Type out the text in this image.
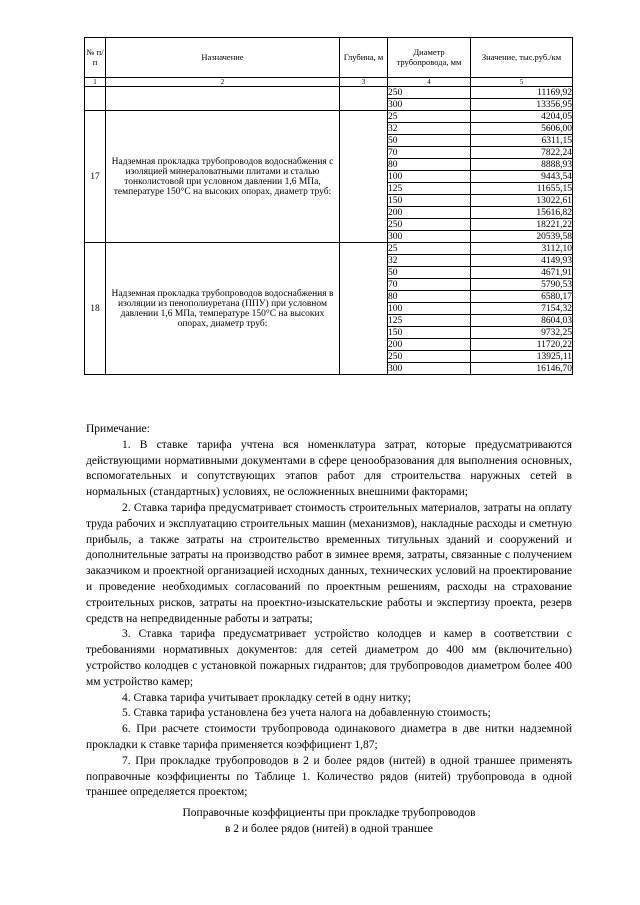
№ п/п	Назначение	Глубина, м	Диаметр трубопровода, мм	Значение, тыс.руб./км
1	2	3	4	5
			250	11169,92
			300	13356,95
17	Надземная прокладка трубопроводов водоснабжения с изоляцией минераловатными плитами и сталью тонколистовой при условном давлении 1,6 МПа, температуре 150°С на высоких опорах, диаметр труб:		25	4204,05
			32	5606,00
			50	6311,15
			70	7822,24
			80	8888,93
			100	9443,54
			125	11655,15
			150	13022,61
			200	15616,82
			250	18221,22
			300	20539,58
18	Надземная прокладка трубопроводов водоснабжения в изоляции из пенополиуретана (ППУ) при условном давлении 1,6 МПа, температуре 150°С на высоких опорах, диаметр труб:		25	3112,10
			32	4149,93
			50	4671,91
			70	5790,53
			80	6580,17
			100	7154,32
			125	8604,03
			150	9732,25
			200	11720,22
			250	13925,11
			300	16146,70

Примечание:

1. В ставке тарифа учтена вся номенклатура затрат, которые предусматриваются действующими нормативными документами в сфере ценообразования для выполнения основных, вспомогательных и сопутствующих этапов работ для строительства наружных сетей в нормальных (стандартных) условиях, не осложненных внешними факторами;

2. Ставка тарифа предусматривает стоимость строительных материалов, затраты на оплату труда рабочих и эксплуатацию строительных машин (механизмов), накладные расходы и сметную прибыль, а также затраты на строительство временных титульных зданий и сооружений и дополнительные затраты на производство работ в зимнее время, затраты, связанные с получением заказчиком и проектной организацией исходных данных, технических условий на проектирование и проведение необходимых согласований по проектным решениям, расходы на страхование строительных рисков, затраты на проектно-изыскательские работы и экспертизу проекта, резерв средств на непредвиденные работы и затраты;

3. Ставка тарифа предусматривает устройство колодцев и камер в соответствии с требованиями нормативных документов: для сетей диаметром до 400 мм (включительно) устройство колодцев с установкой пожарных гидрантов; для трубопроводов диаметром более 400 мм устройство камер;

4. Ставка тарифа учитывает прокладку сетей в одну нитку;

5. Ставка тарифа установлена без учета налога на добавленную стоимость;

6. При расчете стоимости трубопровода одинакового диаметра в две нитки надземной прокладки к ставке тарифа применяется коэффициент 1,87;

7. При прокладке трубопроводов в 2 и более рядов (нитей) в одной траншее применять поправочные коэффициенты по Таблице 1. Количество рядов (нитей) трубопровода в одной траншее определяется проектом;

Поправочные коэффициенты при прокладке трубопроводов
в 2 и более рядов (нитей) в одной траншее
